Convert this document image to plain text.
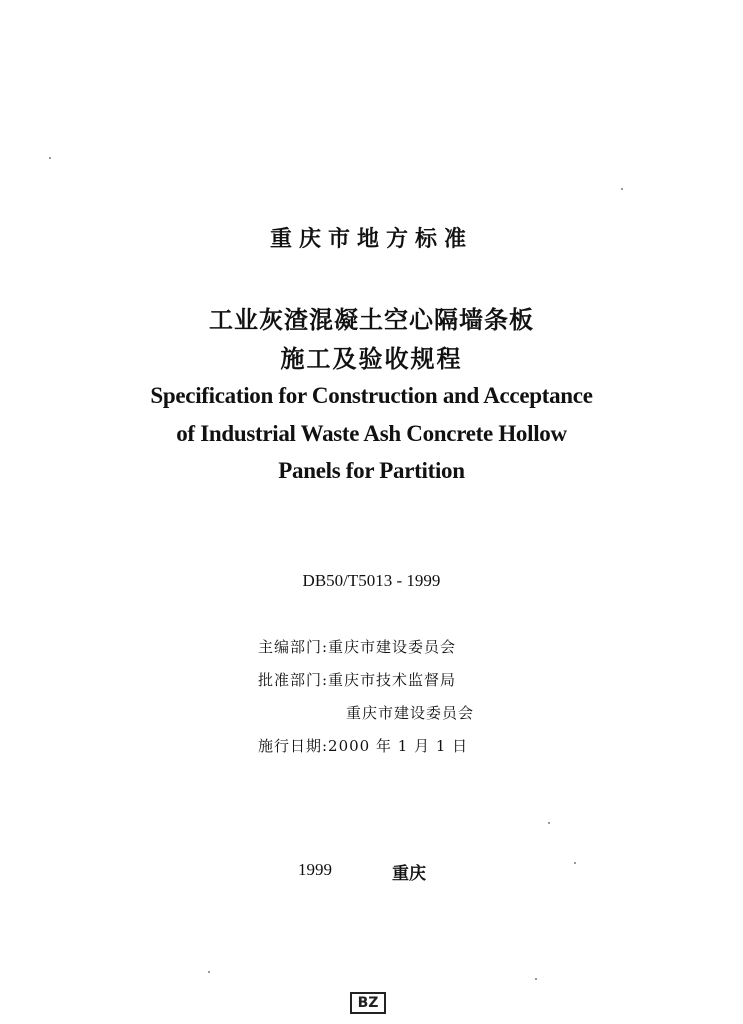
重庆市地方标准
工业灰渣混凝土空心隔墙条板
施工及验收规程
Specification for Construction and Acceptance
of Industrial Waste Ash Concrete Hollow
Panels for Partition
DB50/T5013 - 1999
主编部门:重庆市建设委员会
批准部门:重庆市技术监督局
重庆市建设委员会
施行日期:2000 年 1 月 1 日
1999	重庆
BZ
